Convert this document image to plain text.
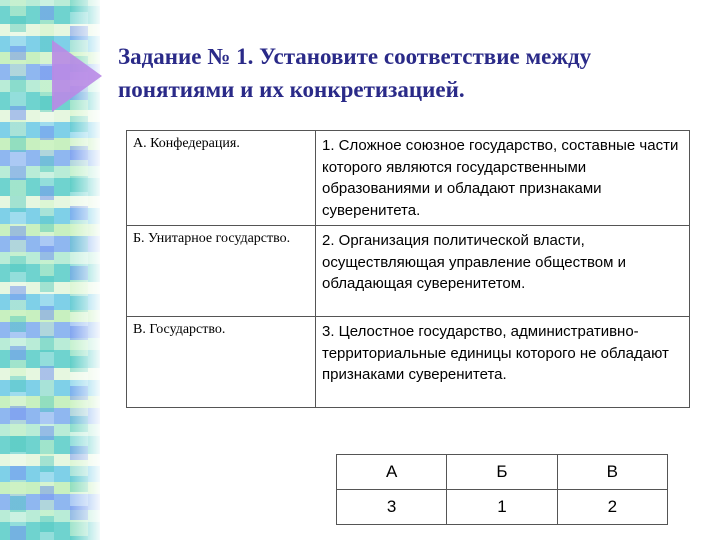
Задание № 1. Установите соответствие между понятиями и их конкретизацией.
А. Конфедерация.	1. Сложное союзное государство, составные части которого являются государственными образованиями и обладают признаками суверенитета.
Б. Унитарное государство.	2. Организация политической власти, осуществляющая управление обществом и обладающая суверенитетом.
В. Государство.	3. Целостное государство, административно-территориальные единицы которого не обладают признаками суверенитета.
А	Б	В
3	1	2
